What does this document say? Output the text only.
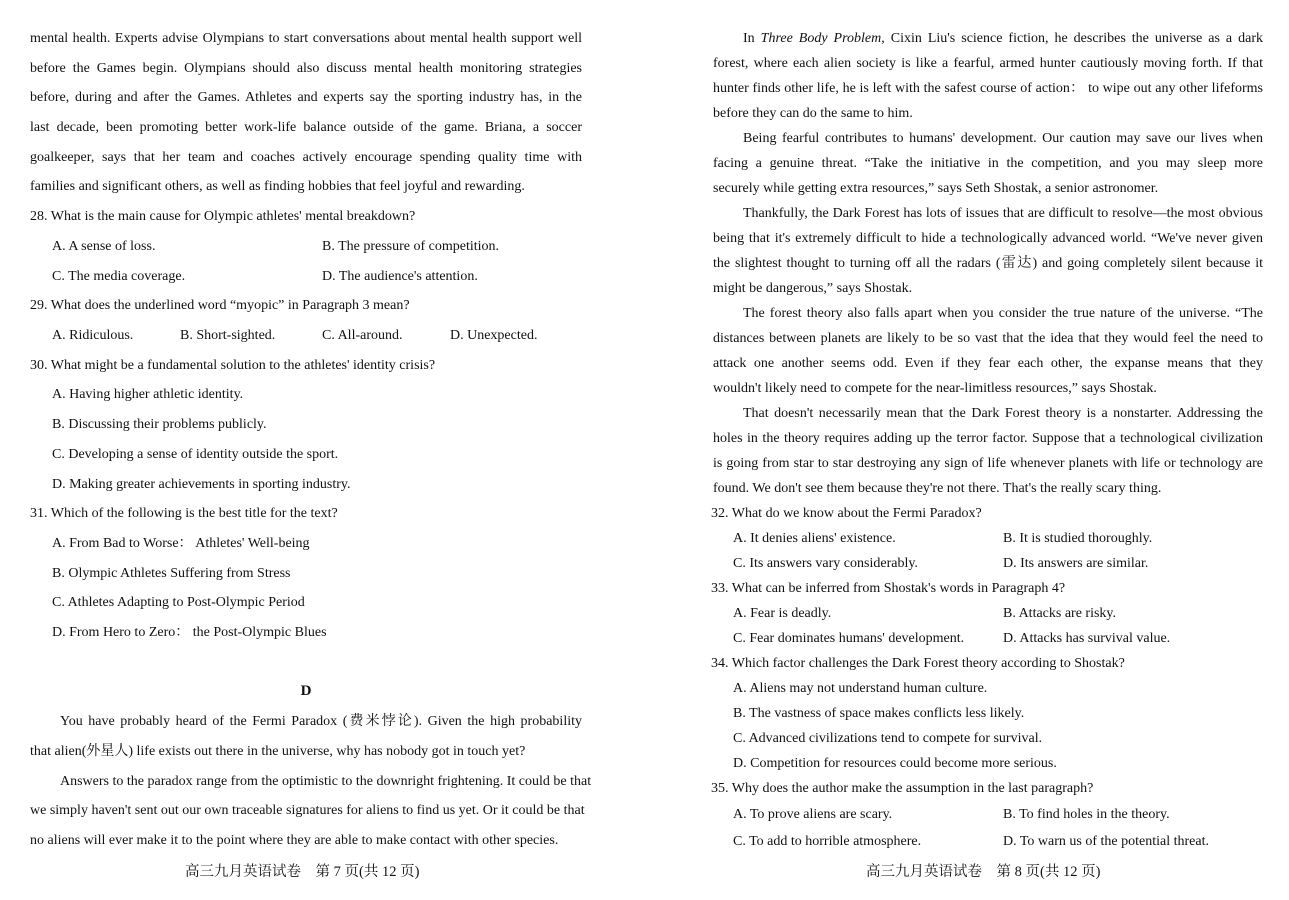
mental health. Experts advise Olympians to start conversations about mental health support well
before the Games begin. Olympians should also discuss mental health monitoring strategies
before, during and after the Games. Athletes and experts say the sporting industry has, in the
last decade, been promoting better work-life balance outside of the game. Briana, a soccer
goalkeeper, says that her team and coaches actively encourage spending quality time with
families and significant others, as well as finding hobbies that feel joyful and rewarding.
28. What is the main cause for Olympic athletes' mental breakdown?
A. A sense of loss.	B. The pressure of competition.
C. The media coverage.	D. The audience's attention.
29. What does the underlined word “myopic” in Paragraph 3 mean?
A. Ridiculous.	B. Short-sighted.	C. All-around.	D. Unexpected.
30. What might be a fundamental solution to the athletes' identity crisis?
A. Having higher athletic identity.
B. Discussing their problems publicly.
C. Developing a sense of identity outside the sport.
D. Making greater achievements in sporting industry.
31. Which of the following is the best title for the text?
A. From Bad to Worse： Athletes' Well-being
B. Olympic Athletes Suffering from Stress
C. Athletes Adapting to Post-Olympic Period
D. From Hero to Zero： the Post-Olympic Blues
D
You have probably heard of the Fermi Paradox (费米悖论). Given the high probability
that alien(外星人) life exists out there in the universe, why has nobody got in touch yet?
Answers to the paradox range from the optimistic to the downright frightening. It could be that
we simply haven't sent out our own traceable signatures for aliens to find us yet. Or it could be that
no aliens will ever make it to the point where they are able to make contact with other species.
高三九月英语试卷　第 7 页(共 12 页)
In Three Body Problem, Cixin Liu's science fiction, he describes the universe as a dark
forest, where each alien society is like a fearful, armed hunter cautiously moving forth. If that
hunter finds other life, he is left with the safest course of action： to wipe out any other lifeforms
before they can do the same to him.
Being fearful contributes to humans' development. Our caution may save our lives when
facing a genuine threat. “Take the initiative in the competition, and you may sleep more
securely while getting extra resources,” says Seth Shostak, a senior astronomer.
Thankfully, the Dark Forest has lots of issues that are difficult to resolve—the most obvious
being that it's extremely difficult to hide a technologically advanced world. “We've never given
the slightest thought to turning off all the radars (雷达) and going completely silent because it
might be dangerous,” says Shostak.
The forest theory also falls apart when you consider the true nature of the universe. “The
distances between planets are likely to be so vast that the idea that they would feel the need to
attack one another seems odd. Even if they fear each other, the expanse means that they
wouldn't likely need to compete for the near-limitless resources,” says Shostak.
That doesn't necessarily mean that the Dark Forest theory is a nonstarter. Addressing the
holes in the theory requires adding up the terror factor. Suppose that a technological civilization
is going from star to star destroying any sign of life whenever planets with life or technology are
found. We don't see them because they're not there. That's the really scary thing.
32. What do we know about the Fermi Paradox?
A. It denies aliens' existence.	B. It is studied thoroughly.
C. Its answers vary considerably.	D. Its answers are similar.
33. What can be inferred from Shostak's words in Paragraph 4?
A. Fear is deadly.	B. Attacks are risky.
C. Fear dominates humans' development.	D. Attacks has survival value.
34. Which factor challenges the Dark Forest theory according to Shostak?
A. Aliens may not understand human culture.
B. The vastness of space makes conflicts less likely.
C. Advanced civilizations tend to compete for survival.
D. Competition for resources could become more serious.
35. Why does the author make the assumption in the last paragraph?
A. To prove aliens are scary.	B. To find holes in the theory.
C. To add to horrible atmosphere.	D. To warn us of the potential threat.
高三九月英语试卷　第 8 页(共 12 页)
